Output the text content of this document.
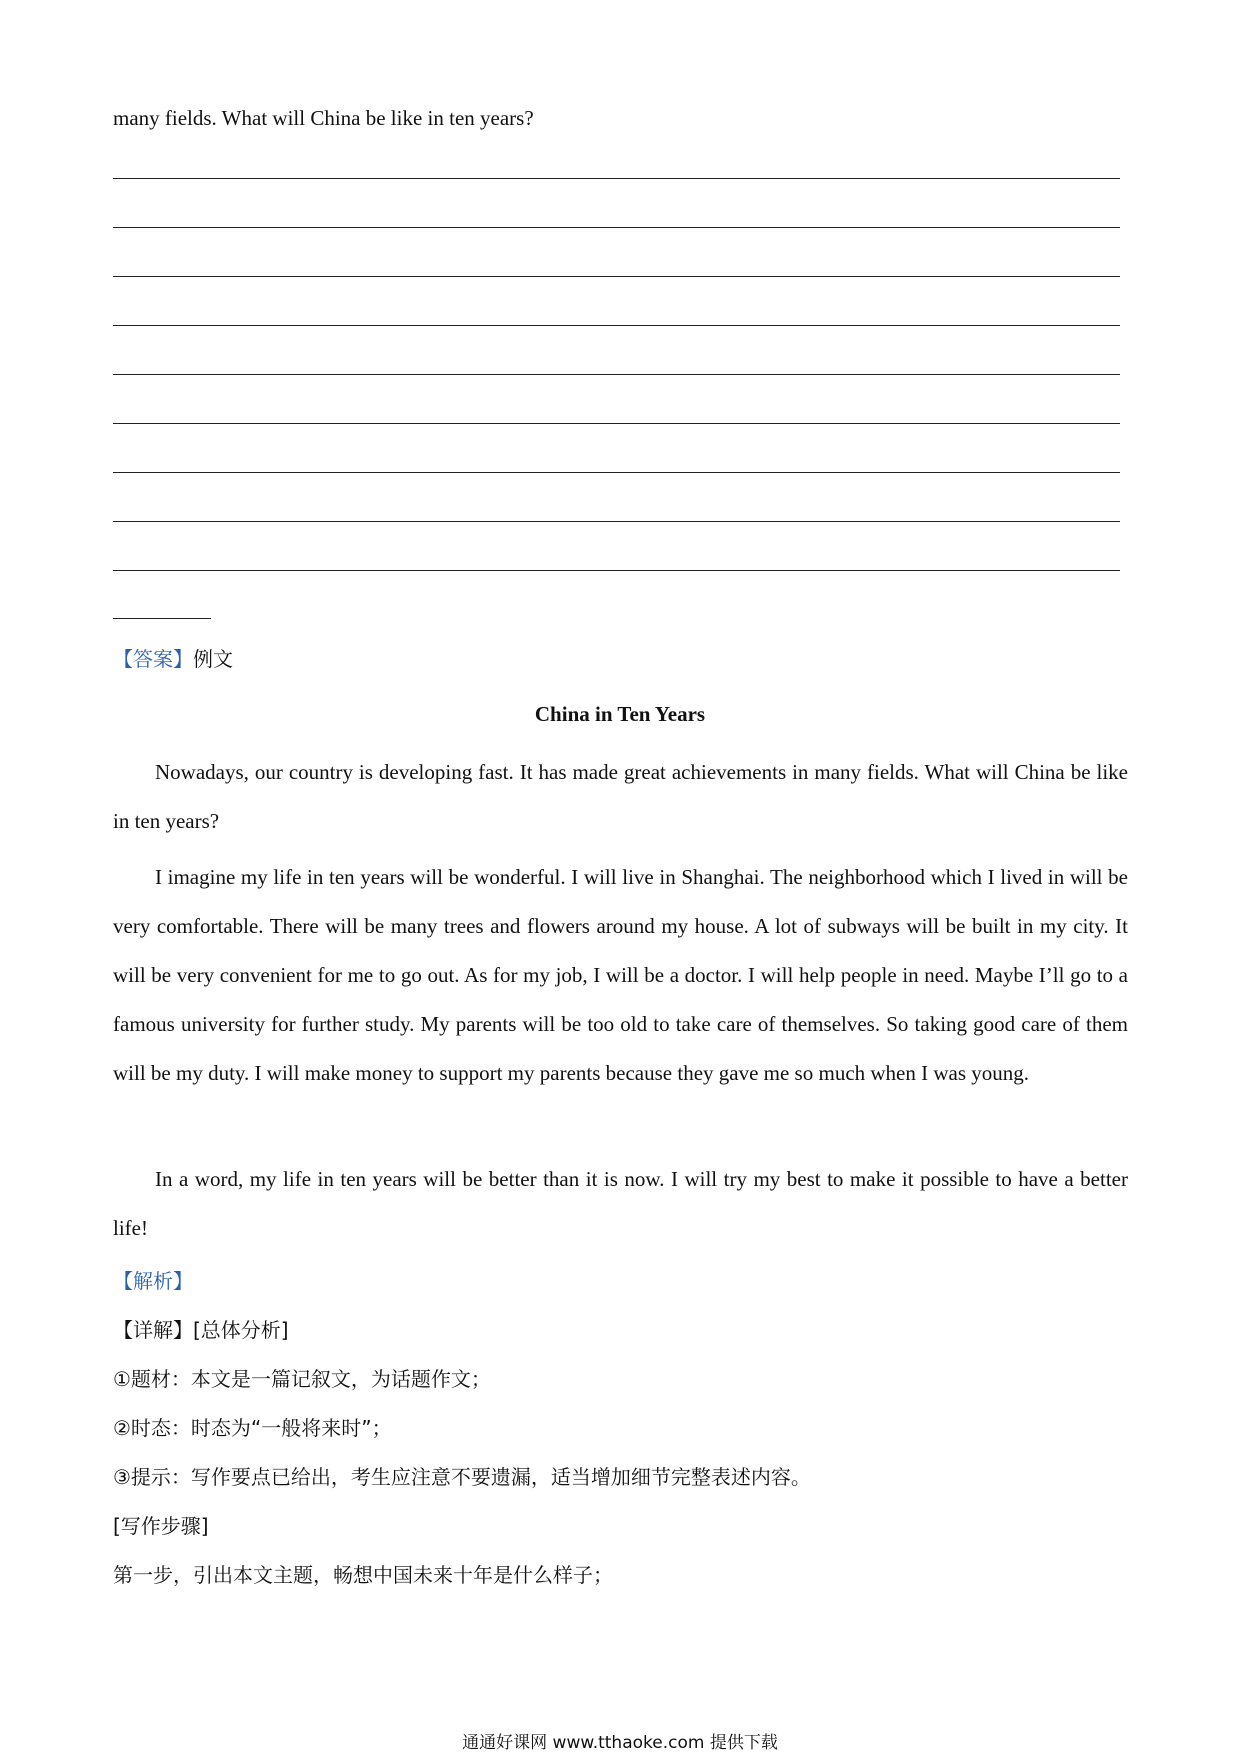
many fields. What will China be like in ten years?
【答案】例文
China in Ten Years
Nowadays, our country is developing fast. It has made great achievements in many fields. What will China be like in ten years?
I imagine my life in ten years will be wonderful. I will live in Shanghai. The neighborhood which I lived in will be very comfortable. There will be many trees and flowers around my house. A lot of subways will be built in my city. It will be very convenient for me to go out. As for my job, I will be a doctor. I will help people in need. Maybe I’ll go to a famous university for further study. My parents will be too old to take care of themselves. So taking good care of them will be my duty. I will make money to support my parents because they gave me so much when I was young.
In a word, my life in ten years will be better than it is now. I will try my best to make it possible to have a better life!
【解析】
【详解】[总体分析]
①题材：本文是一篇记叙文，为话题作文；
②时态：时态为“一般将来时”；
③提示：写作要点已给出，考生应注意不要遗漏，适当增加细节完整表述内容。
[写作步骤]
第一步，引出本文主题，畅想中国未来十年是什么样子；
通通好课网 www.tthaoke.com 提供下载
